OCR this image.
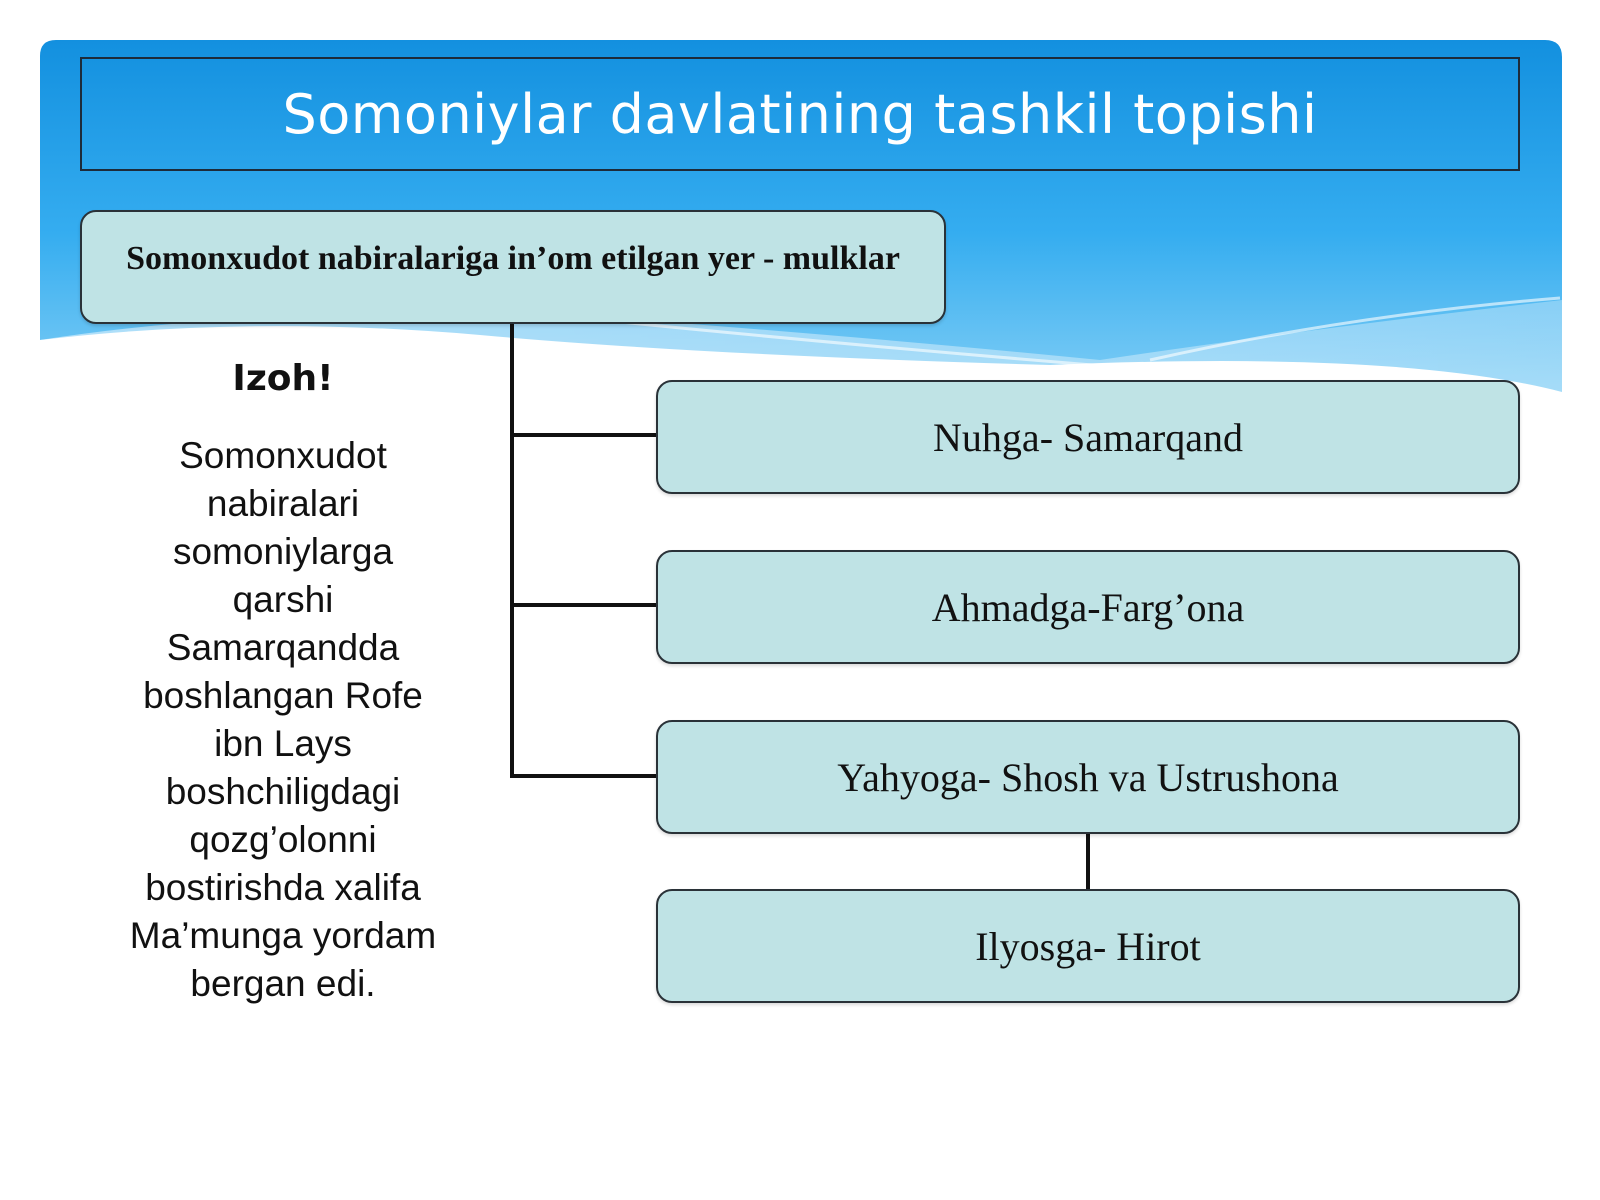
Somoniylar davlatining tashkil topishi
Somonxudot nabiralariga in’om etilgan yer - mulklar
Nuhga- Samarqand
Ahmadga-Farg’ona
Yahyoga- Shosh va Ustrushona
Ilyosga- Hirot
Izoh!
Somonxudot nabiralari somoniylarga qarshi Samarqandda boshlangan Rofe ibn Lays boshchiligdagi qozg’olonni bostirishda xalifa Ma’munga yordam bergan edi.
